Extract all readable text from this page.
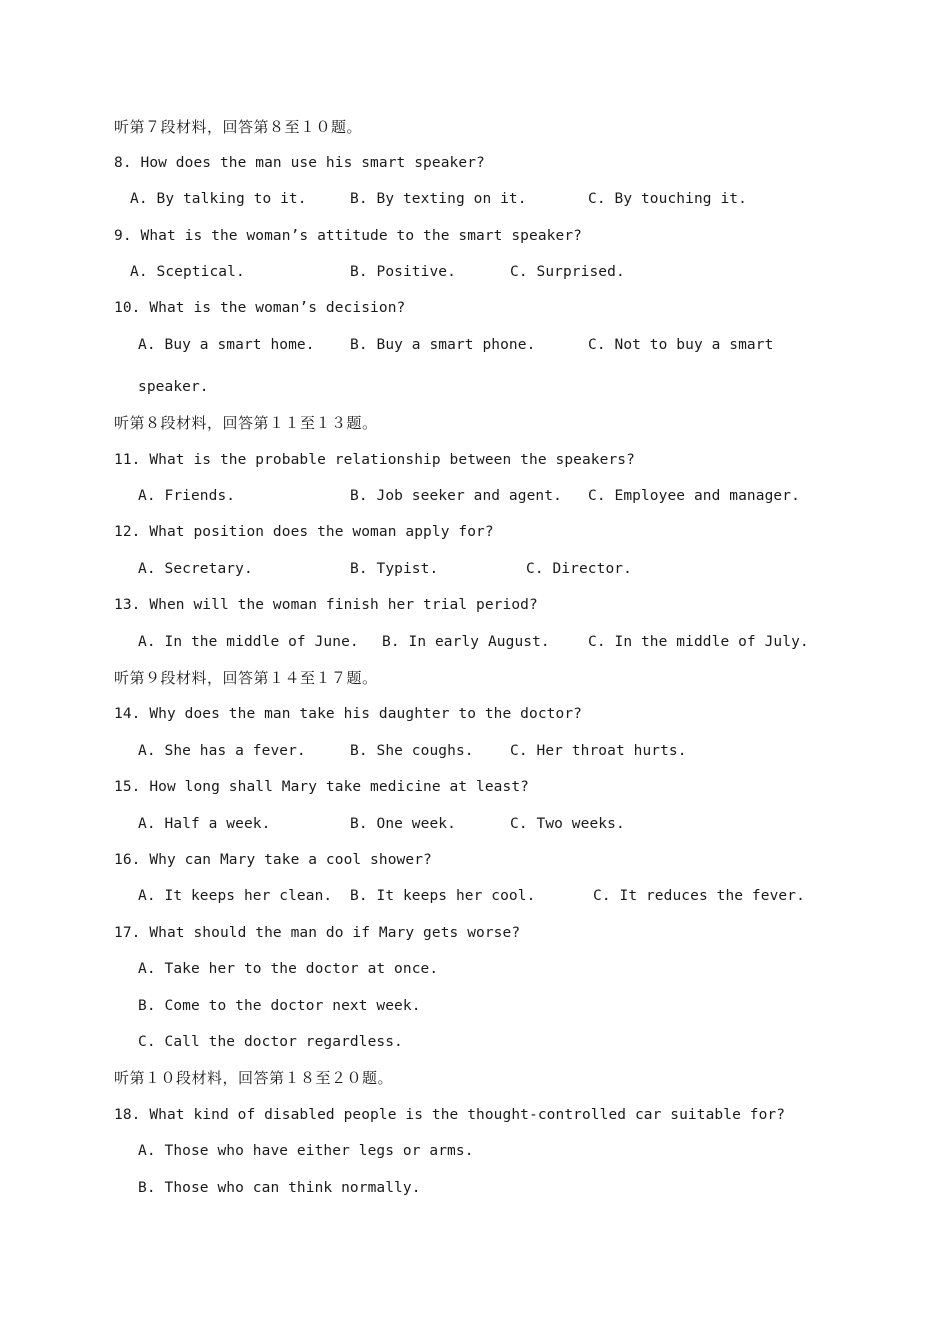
听第７段材料，回答第８至１０题。
8. How does the man use his smart speaker?
A. By talking to it.	B. By texting on it.	C. By touching it.
9. What is the woman’s attitude to the smart speaker?
A. Sceptical.	B. Positive.	C. Surprised.
10. What is the woman’s decision?
A. Buy a smart home. B. Buy a smart phone.	C. Not to buy a smart
speaker.
听第８段材料，回答第１１至１３题。
11. What is the probable relationship between the speakers?
A. Friends.	B. Job seeker and agent. C. Employee and manager.
12. What position does the woman apply for?
A. Secretary.	B. Typist.	C. Director.
13. When will the woman finish her trial period?
A. In the middle of June. B. In early August.	C. In the middle of July.
听第９段材料，回答第１４至１７题。
14. Why does the man take his daughter to the doctor?
A. She has a fever.	B. She coughs.	C. Her throat hurts.
15. How long shall Mary take medicine at least?
A. Half a week.	B. One week.	C. Two weeks.
16. Why can Mary take a cool shower?
A. It keeps her clean. B. It keeps her cool.	C. It reduces the fever.
17. What should the man do if Mary gets worse?
A. Take her to the doctor at once.
B. Come to the doctor next week.
C. Call the doctor regardless.
听第１０段材料，回答第１８至２０题。
18. What kind of disabled people is the thought-controlled car suitable for?
A. Those who have either legs or arms.
B. Those who can think normally.
